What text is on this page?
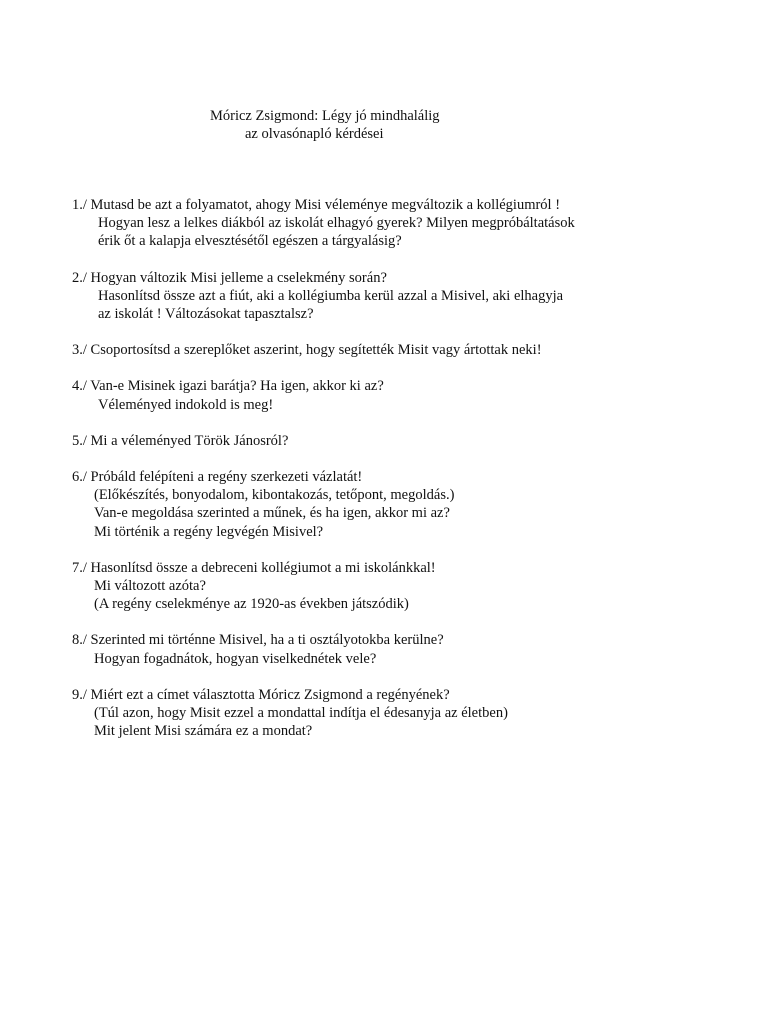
Móricz Zsigmond: Légy jó mindhalálig
az olvasónapló kérdései
1./ Mutasd be azt a folyamatot, ahogy Misi véleménye megváltozik a kollégiumról !
Hogyan lesz a lelkes diákból az iskolát elhagyó gyerek? Milyen megpróbáltatások
érik őt a kalapja elvesztésétől egészen a tárgyalásig?
2./ Hogyan változik Misi jelleme a cselekmény során?
Hasonlítsd össze azt a fiút, aki a kollégiumba kerül azzal a Misivel, aki elhagyja
az iskolát ! Változásokat tapasztalsz?
3./ Csoportosítsd a szereplőket aszerint, hogy segítették Misit vagy ártottak neki!
4./ Van-e Misinek igazi barátja? Ha igen, akkor ki az?
Véleményed indokold is meg!
5./ Mi a véleményed Török Jánosról?
6./ Próbáld felépíteni a regény szerkezeti vázlatát!
(Előkészítés, bonyodalom, kibontakozás, tetőpont, megoldás.)
Van-e megoldása szerinted a műnek, és ha igen, akkor mi az?
Mi történik a regény legvégén Misivel?
7./ Hasonlítsd össze a debreceni kollégiumot a mi iskolánkkal!
Mi változott azóta?
(A regény cselekménye az 1920-as években játszódik)
8./ Szerinted mi történne Misivel, ha a ti osztályotokba kerülne?
Hogyan fogadnátok, hogyan viselkednétek vele?
9./ Miért ezt a címet választotta Móricz Zsigmond a regényének?
(Túl azon, hogy Misit ezzel a mondattal indítja el édesanyja az életben)
Mit jelent Misi számára ez a mondat?
